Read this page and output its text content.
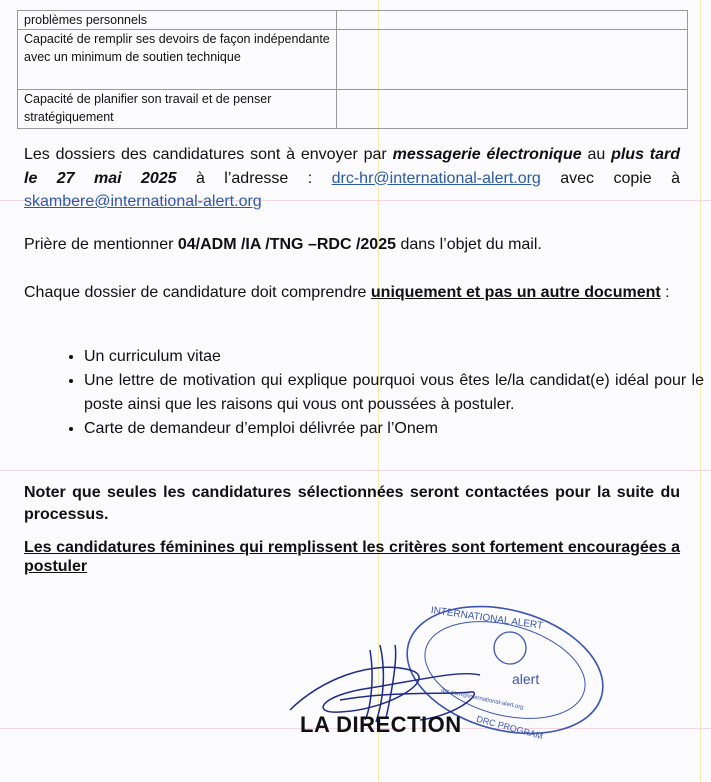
problèmes personnels	
Capacité de remplir ses devoirs de façon indépendante avec un minimum de soutien technique	
Capacité de planifier son travail et de penser stratégiquement	
Les dossiers des candidatures sont à envoyer par messagerie électronique au plus tard le 27 mai 2025 à l’adresse : drc-hr@international-alert.org avec copie à skambere@international-alert.org
Prière de mentionner 04/ADM /IA /TNG –RDC /2025 dans l’objet du mail.
Chaque dossier de candidature doit comprendre uniquement et pas un autre document :
• Un curriculum vitae
• Une lettre de motivation qui explique pourquoi vous êtes le/la candidat(e) idéal pour le poste ainsi que les raisons qui vous ont poussées à postuler.
• Carte de demandeur d’emploi délivrée par l’Onem
Noter que seules les candidatures sélectionnées seront contactées pour la suite du processus.
Les candidatures féminines qui remplissent les critères sont fortement encouragées a postuler
INTERNATIONAL ALERT
alert
drc.com@international-alert.org
DRC PROGRAM
LA DIRECTION
